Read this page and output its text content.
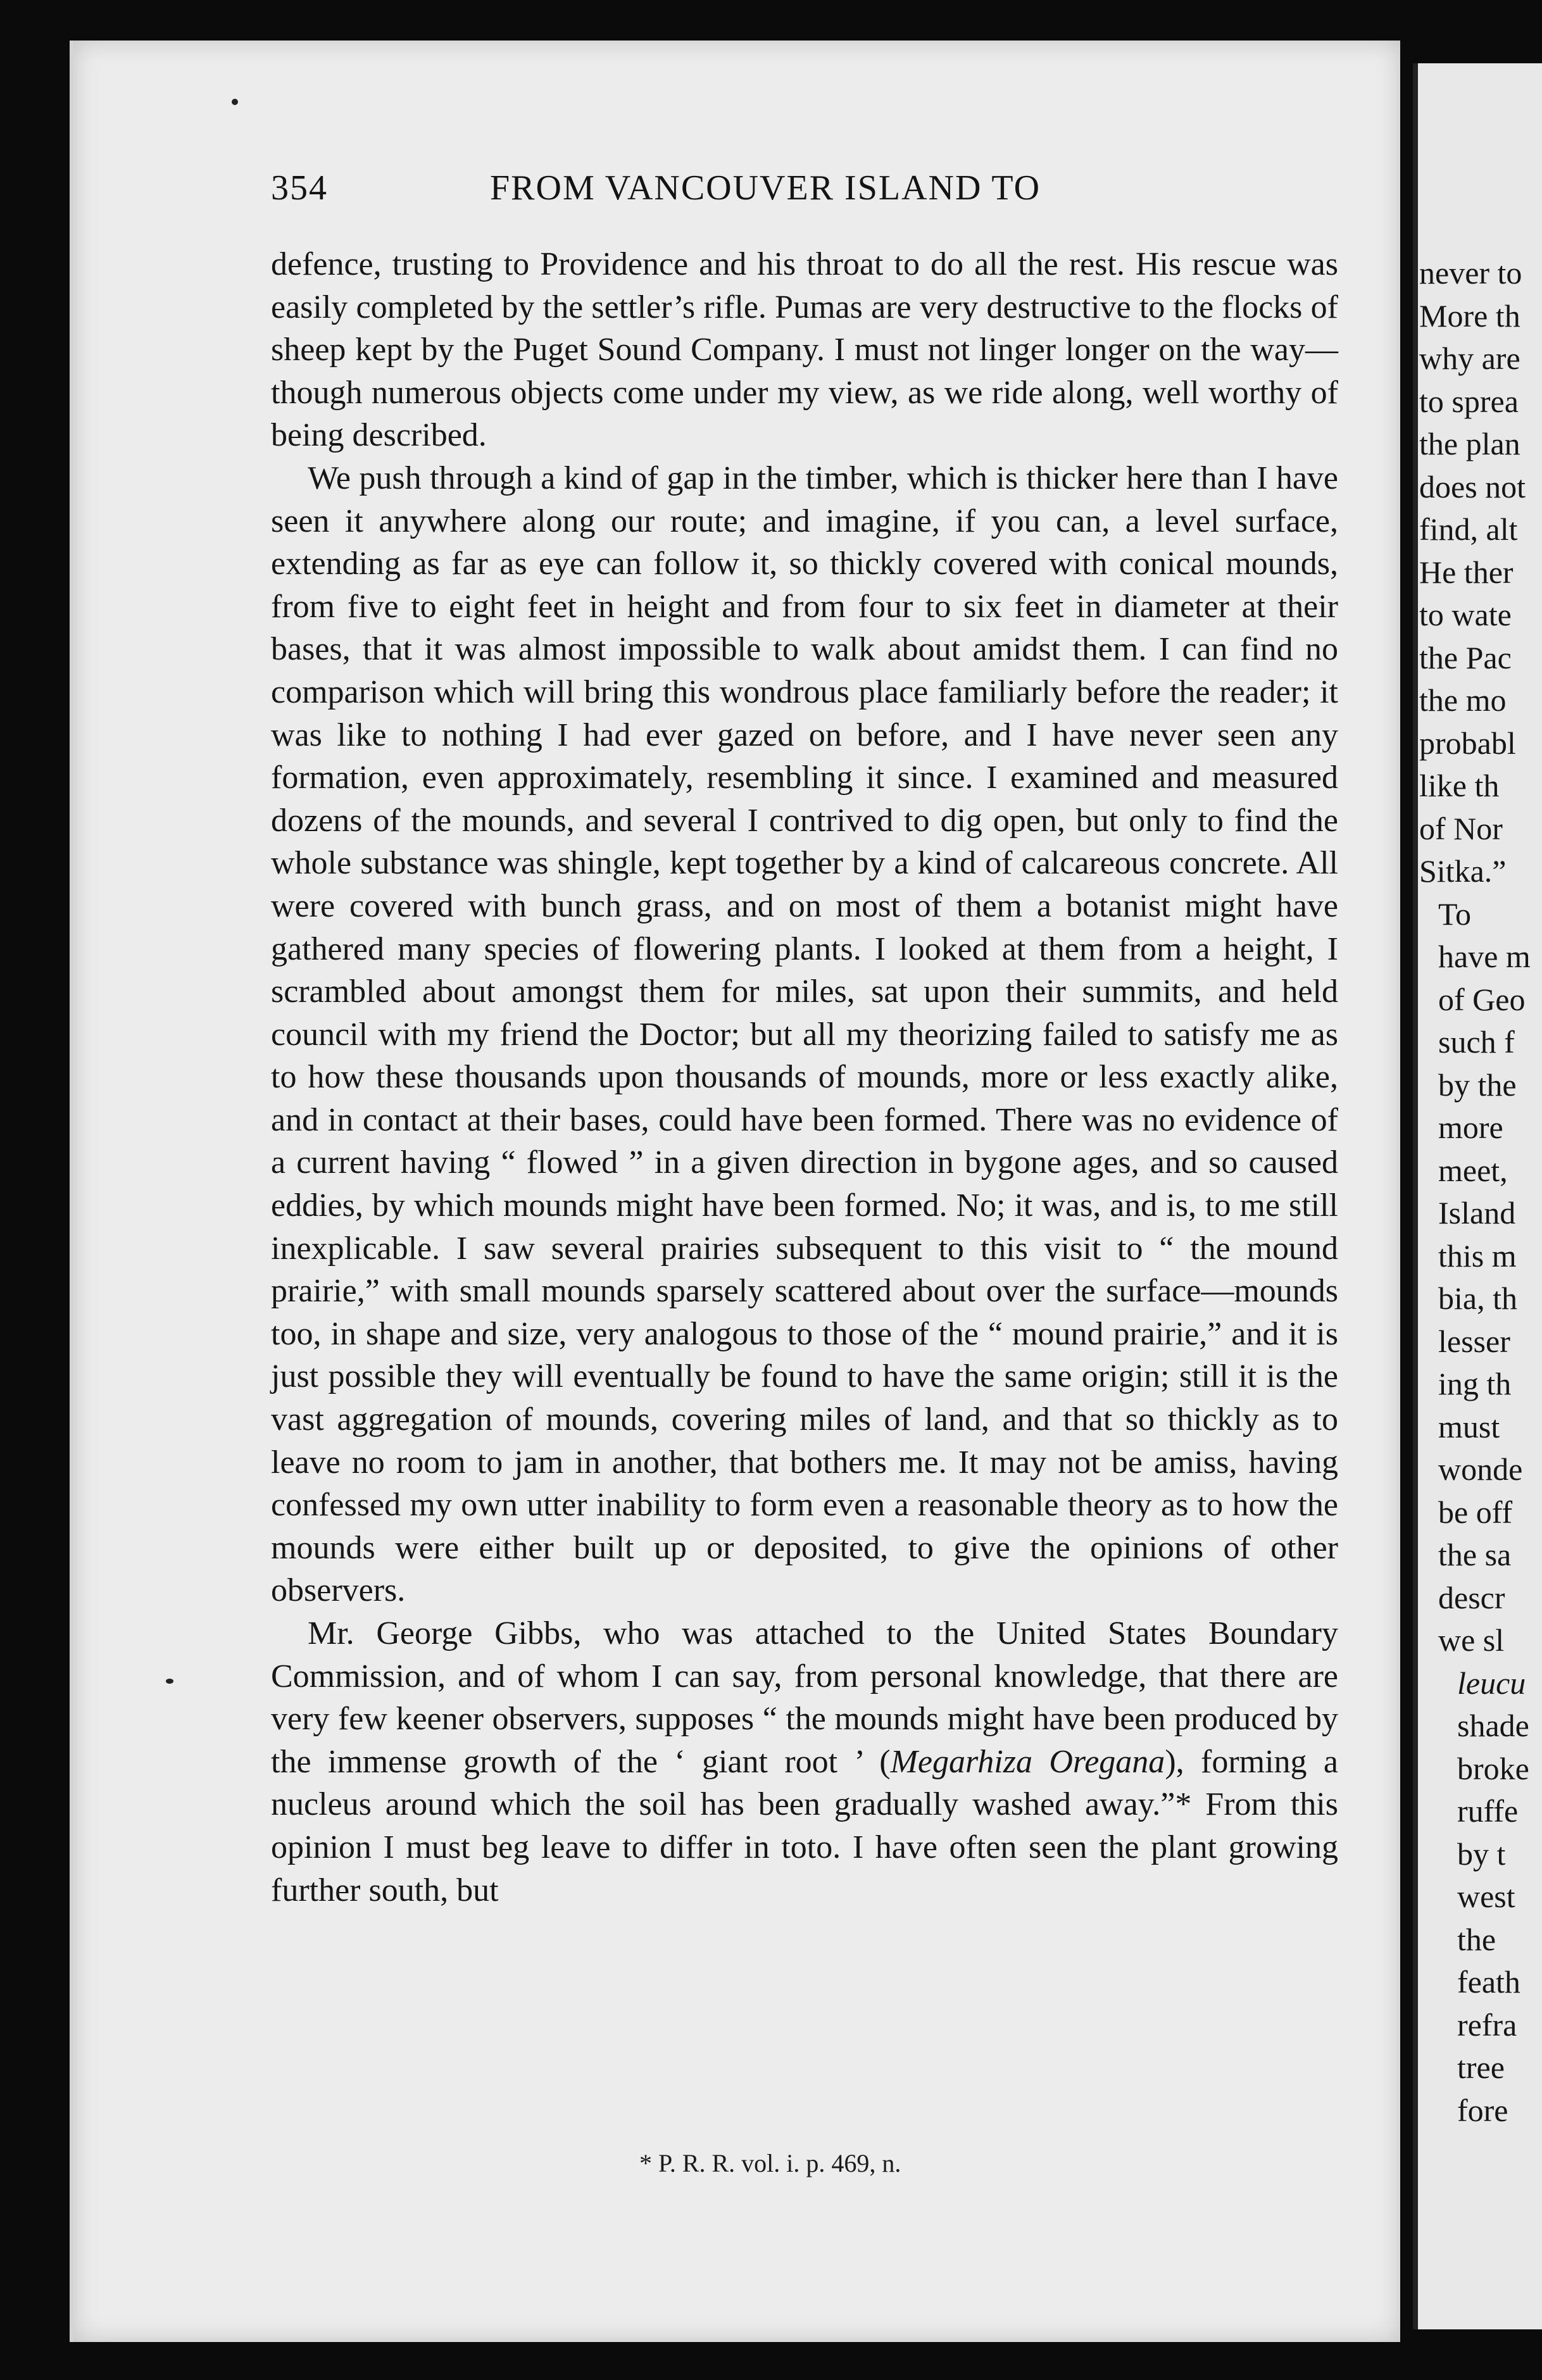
354	FROM VANCOUVER ISLAND TO

defence, trusting to Providence and his throat to do all the rest. His rescue was easily completed by the settler’s rifle. Pumas are very destructive to the flocks of sheep kept by the Puget Sound Company. I must not linger longer on the way—though numerous objects come under my view, as we ride along, well worthy of being described.

We push through a kind of gap in the timber, which is thicker here than I have seen it anywhere along our route; and imagine, if you can, a level surface, extending as far as eye can follow it, so thickly covered with conical mounds, from five to eight feet in height and from four to six feet in diameter at their bases, that it was almost impossible to walk about amidst them. I can find no comparison which will bring this wondrous place familiarly before the reader; it was like to nothing I had ever gazed on before, and I have never seen any formation, even approximately, resembling it since. I examined and measured dozens of the mounds, and several I contrived to dig open, but only to find the whole substance was shingle, kept together by a kind of calcareous concrete. All were covered with bunch grass, and on most of them a botanist might have gathered many species of flowering plants. I looked at them from a height, I scrambled about amongst them for miles, sat upon their summits, and held council with my friend the Doctor; but all my theorizing failed to satisfy me as to how these thousands upon thousands of mounds, more or less exactly alike, and in contact at their bases, could have been formed. There was no evidence of a current having “ flowed ” in a given direction in bygone ages, and so caused eddies, by which mounds might have been formed. No; it was, and is, to me still inexplicable. I saw several prairies subsequent to this visit to “ the mound prairie,” with small mounds sparsely scattered about over the surface—mounds too, in shape and size, very analogous to those of the “ mound prairie,” and it is just possible they will eventually be found to have the same origin; still it is the vast aggregation of mounds, covering miles of land, and that so thickly as to leave no room to jam in another, that bothers me. It may not be amiss, having confessed my own utter inability to form even a reasonable theory as to how the mounds were either built up or deposited, to give the opinions of other observers.

Mr. George Gibbs, who was attached to the United States Boundary Commission, and of whom I can say, from personal knowledge, that there are very few keener observers, supposes “ the mounds might have been produced by the immense growth of the ‘ giant root ’ (Megarhiza Oregana), forming a nucleus around which the soil has been gradually washed away.”* From this opinion I must beg leave to differ in toto. I have often seen the plant growing further south, but

* P. R. R. vol. i. p. 469, n.
never to
More th
why are
to sprea
the plan
does not
find, alt
He ther
to wate
the Pac
the mo
probabl
like th
of Nor
Sitka.”
To
have m
of Geo
such f
by the
more
meet,
Island
this m
bia, th
lesser
ing th
must
wonde
be off
the sa
descr
we sl
leucu
shade
broke
ruffe
by t
west
the
feath
refra
tree
fore
